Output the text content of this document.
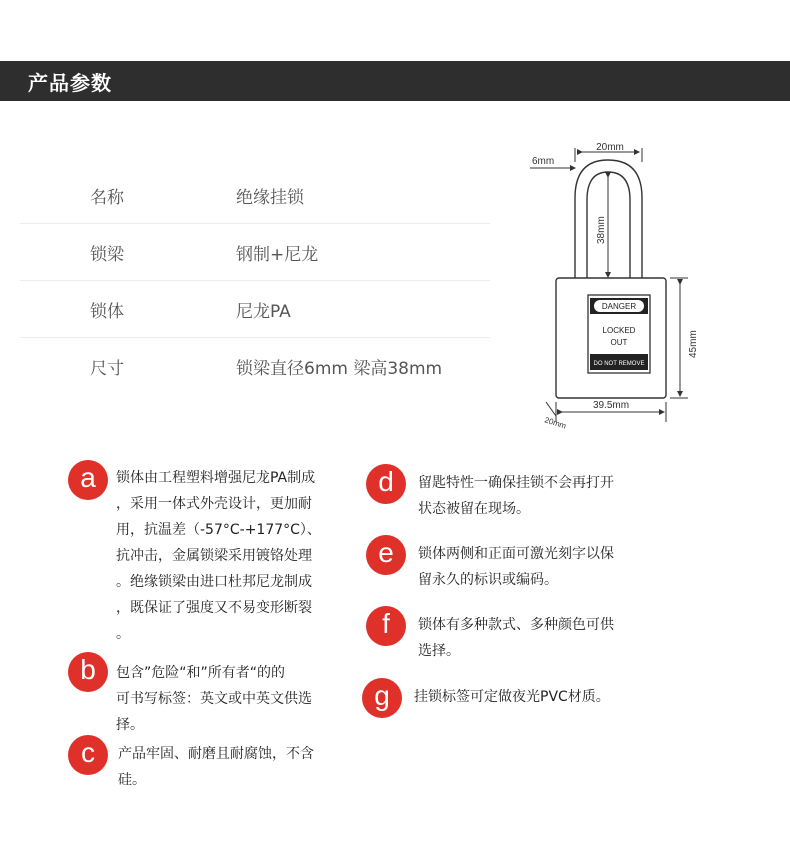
产品参数
名称	绝缘挂锁
锁梁	钢制+尼龙
锁体	尼龙PA
尺寸	锁梁直径6mm 梁高38mm
DANGER
LOCKED
OUT
DO NOT REMOVE
20mm
6mm
38mm
45mm
39.5mm
20mm
a	锁体由工程塑料增强尼龙PA制成
，采用一体式外壳设计，更加耐
用，抗温差（-57°C-+177°C）、
抗冲击，金属锁梁采用镀铬处理
。绝缘锁梁由进口杜邦尼龙制成
，既保证了强度又不易变形断裂
。
b	包含”危险“和”所有者“的的
可书写标签：英文或中英文供选
择。
c	产品牢固、耐磨且耐腐蚀，不含
硅。
d	留匙特性一确保挂锁不会再打开
状态被留在现场。
e	锁体两侧和正面可激光刻字以保
留永久的标识或编码。
f	锁体有多种款式、多种颜色可供
选择。
g	挂锁标签可定做夜光PVC材质。
